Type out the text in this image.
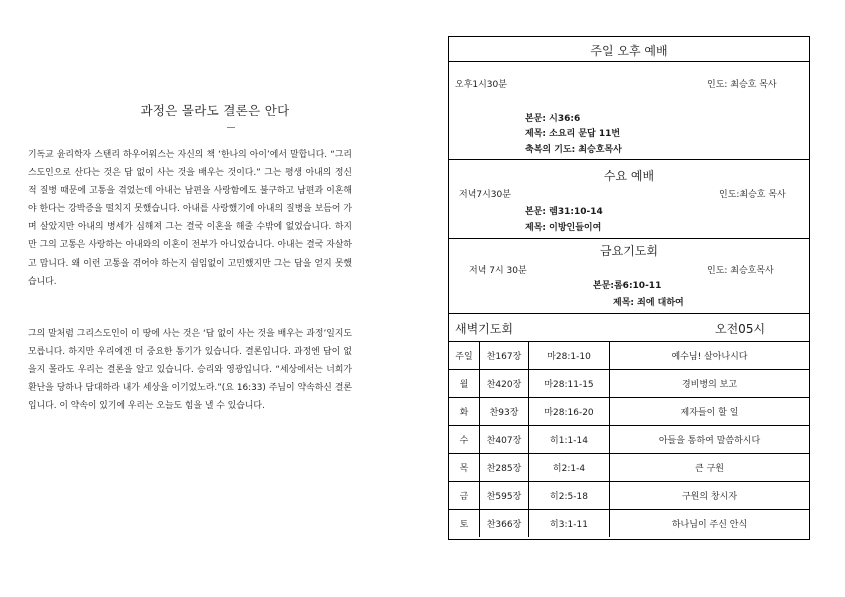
과정은 몰라도 결론은 안다

기독교 윤리학자 스탠리 하우어워스는 자신의 책 ‘한나의 아이’에서 말합니다. “그리스도인으로 산다는 것은 답 없이 사는 것을 배우는 것이다.” 그는 평생 아내의 정신적 질병 때문에 고통을 겪었는데 아내는 남편을 사랑함에도 불구하고 남편과 이혼해야 한다는 강박증을 떨치지 못했습니다. 아내를 사랑했기에 아내의 질병을 보듬어 가며 살았지만 아내의 병세가 심해져 그는 결국 이혼을 해줄 수밖에 없었습니다. 하지만 그의 고통은 사랑하는 아내와의 이혼이 전부가 아니었습니다. 아내는 결국 자살하고 맙니다. 왜 이런 고통을 겪어야 하는지 쉼임없이 고민했지만 그는 답을 얻지 못했습니다.

그의 말처럼 그리스도인이 이 땅에 사는 것은 ‘답 없이 사는 것을 배우는 과정’일지도 모릅니다. 하지만 우리에겐 더 중요한 통기가 있습니다. 결론입니다. 과정엔 답이 없을지 몰라도 우리는 결론을 알고 있습니다. 승리와 영광입니다. “세상에서는 너희가 환난을 당하나 담대하라 내가 세상을 이기었노라.”(요 16:33) 주님이 약속하신 결론입니다. 이 약속이 있기에 우리는 오늘도 힘을 낼 수 있습니다.

주일 오후 예배
오후1시30분	인도: 최승호 목사
본문: 시36:6
제목: 소요리 문답 11번
축복의 기도: 최승호목사
수요 예배
저녁7시30분	인도:최승호 목사
본문: 렘31:10-14
제목: 이방인들이여
금요기도회
저녁 7시 30분	인도: 최승호목사
본문:롬6:10-11
제목: 죄에 대하여
새벽기도회	오전05시
주일	찬167장	마28:1-10	예수님! 살아나시다
월	찬420장	마28:11-15	경비병의 보고
화	찬93장	마28:16-20	제자들이 할 일
수	찬407장	히1:1-14	아들을 통하여 말씀하시다
목	찬285장	히2:1-4	큰 구원
금	찬595장	히2:5-18	구원의 창시자
토	찬366장	히3:1-11	하나님이 주신 안식
